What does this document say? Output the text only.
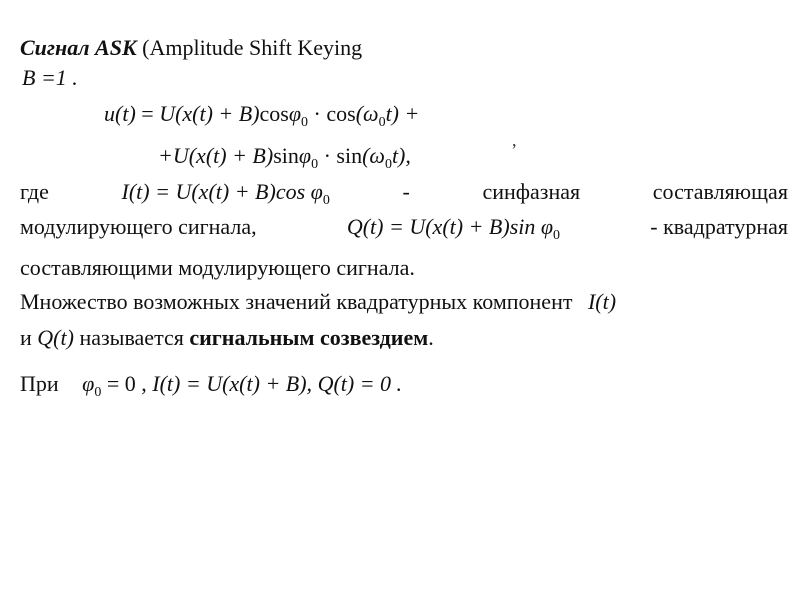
Сигнал ASK (Amplitude Shift Keying
B =1 .
$u(t) = U(x(t) + B)\cos\varphi_0 \cdot \cos(\omega_0t)$ +
$+U(x(t) + B)\sin\varphi_0 \cdot \sin(\omega_0t)$,
,
где	I(t) = U(x(t) + B)cos $\varphi_0$	-	синфазная	составляющая
модулирующего сигнала,	Q(t) = U(x(t) + B)sin $\varphi_0$	- квадратурная
составляющими модулирующего сигнала.
Множество возможных значений квадратурных компонент I(t)
и Q(t) называется сигнальным созвездием.
При $\varphi_0 = 0$ , I(t) = U(x(t) + B), Q(t) = 0 .
